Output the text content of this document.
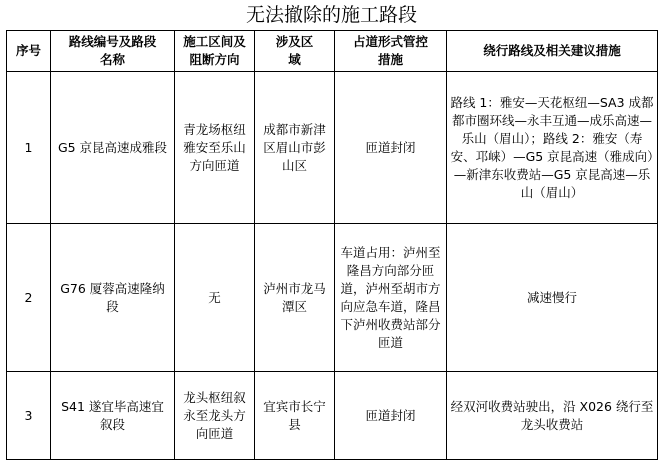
无法撤除的施工路段
序号	路线编号及路段名称	施工区间及阻断方向	涉及区域	占道形式管控措施	绕行路线及相关建议措施
1	G5 京昆高速成雅段	青龙场枢纽雅安至乐山方向匝道	成都市新津区眉山市彭山区	匝道封闭	路线 1：雅安—天花枢纽—SA3 成都都市圈环线—永丰互通—成乐高速—乐山（眉山）；路线 2：雅安（寿安、邛崃）—G5 京昆高速（雅成向）—新津东收费站—G5 京昆高速—乐山（眉山）
2	G76 厦蓉高速隆纳段	无	泸州市龙马潭区	车道占用：泸州至隆昌方向部分匝道，泸州至胡市方向应急车道，隆昌下泸州收费站部分匝道	减速慢行
3	S41 遂宜毕高速宜叙段	龙头枢纽叙永至龙头方向匝道	宜宾市长宁县	匝道封闭	经双河收费站驶出，沿 X026 绕行至龙头收费站
